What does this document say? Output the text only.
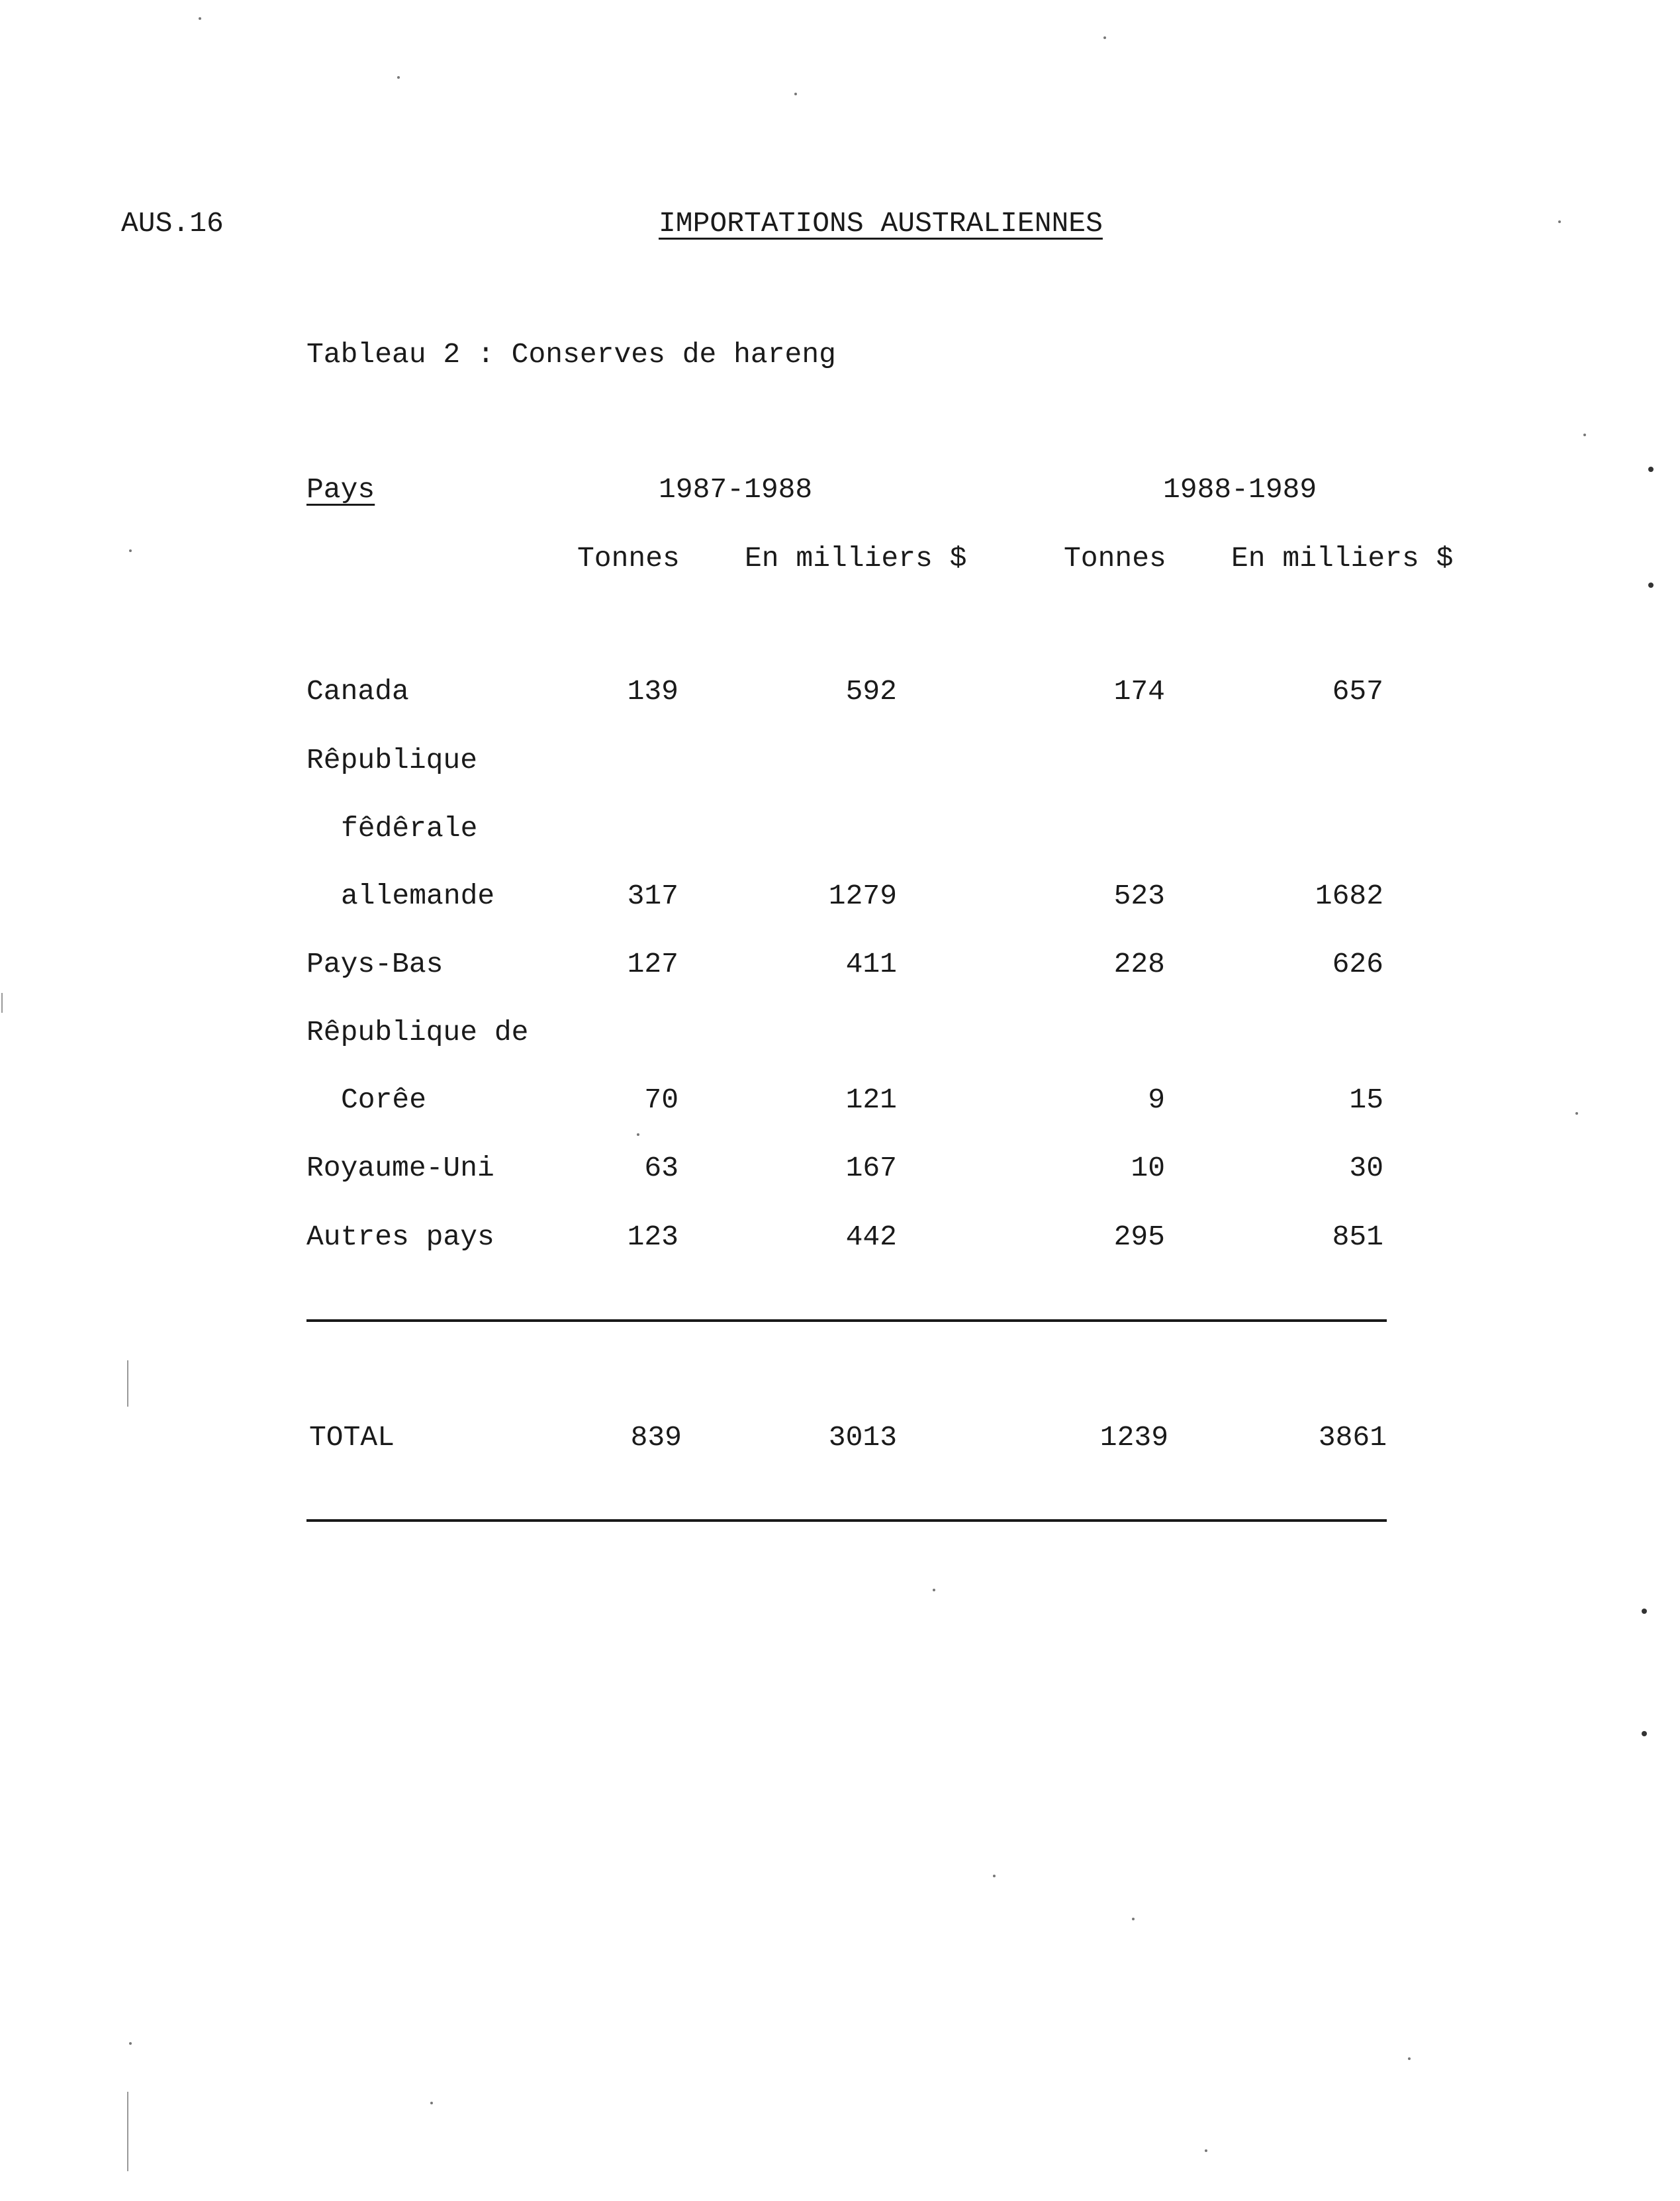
AUS.16	IMPORTATIONS AUSTRALIENNES
Tableau 2 : Conserves de hareng
Pays	1987-1988	1988-1989
Tonnes En milliers $	Tonnes En milliers $
Canada	139	592	174	657
Rêpublique
fêdêrale
allemande	317	1279	523	1682
Pays-Bas	127	411	228	626
Rêpublique de
Corêe	70	121	9	15
Royaume-Uni	63	167	10	30
Autres pays	123	442	295	851
TOTAL	839	3013	1239	3861
